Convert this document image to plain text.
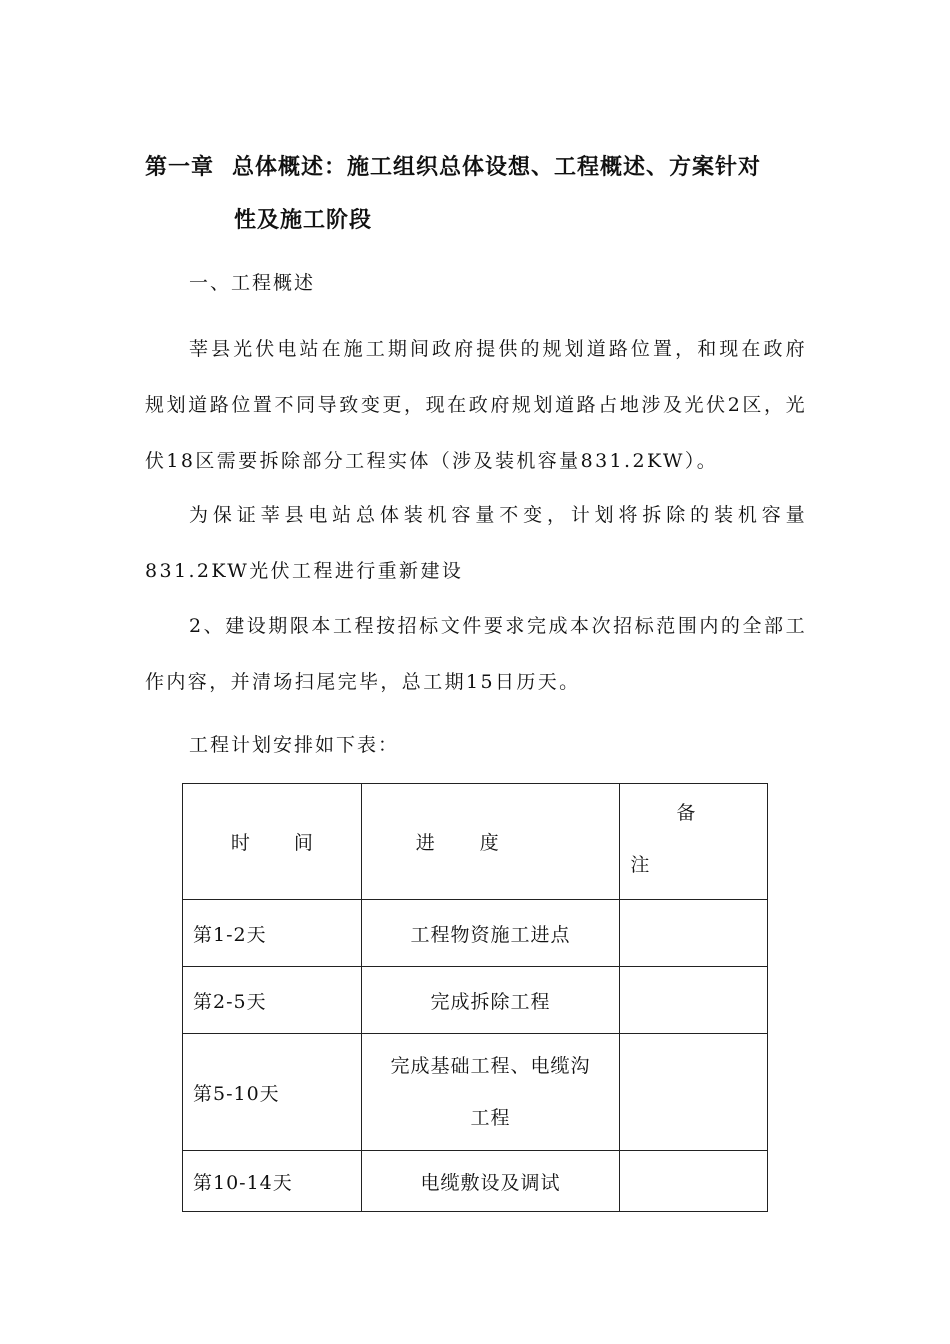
第一章 总体概述：施工组织总体设想、工程概述、方案针对
性及施工阶段
一、工程概述
莘县光伏电站在施工期间政府提供的规划道路位置，和现在政府规划道路位置不同导致变更，现在政府规划道路占地涉及光伏2区，光伏18区需要拆除部分工程实体（涉及装机容量831.2KW）。
为保证莘县电站总体装机容量不变，计划将拆除的装机容量831.2KW光伏工程进行重新建设
2、建设期限本工程按招标文件要求完成本次招标范围内的全部工作内容，并清场扫尾完毕，总工期15日历天。
工程计划安排如下表：
时 间	进 度	备
注

第1-2天	工程物资施工进点	
第2-5天	完成拆除工程	
第5-10天	完成基础工程、电缆沟
工程	

第10-14天	电缆敷设及调试	
